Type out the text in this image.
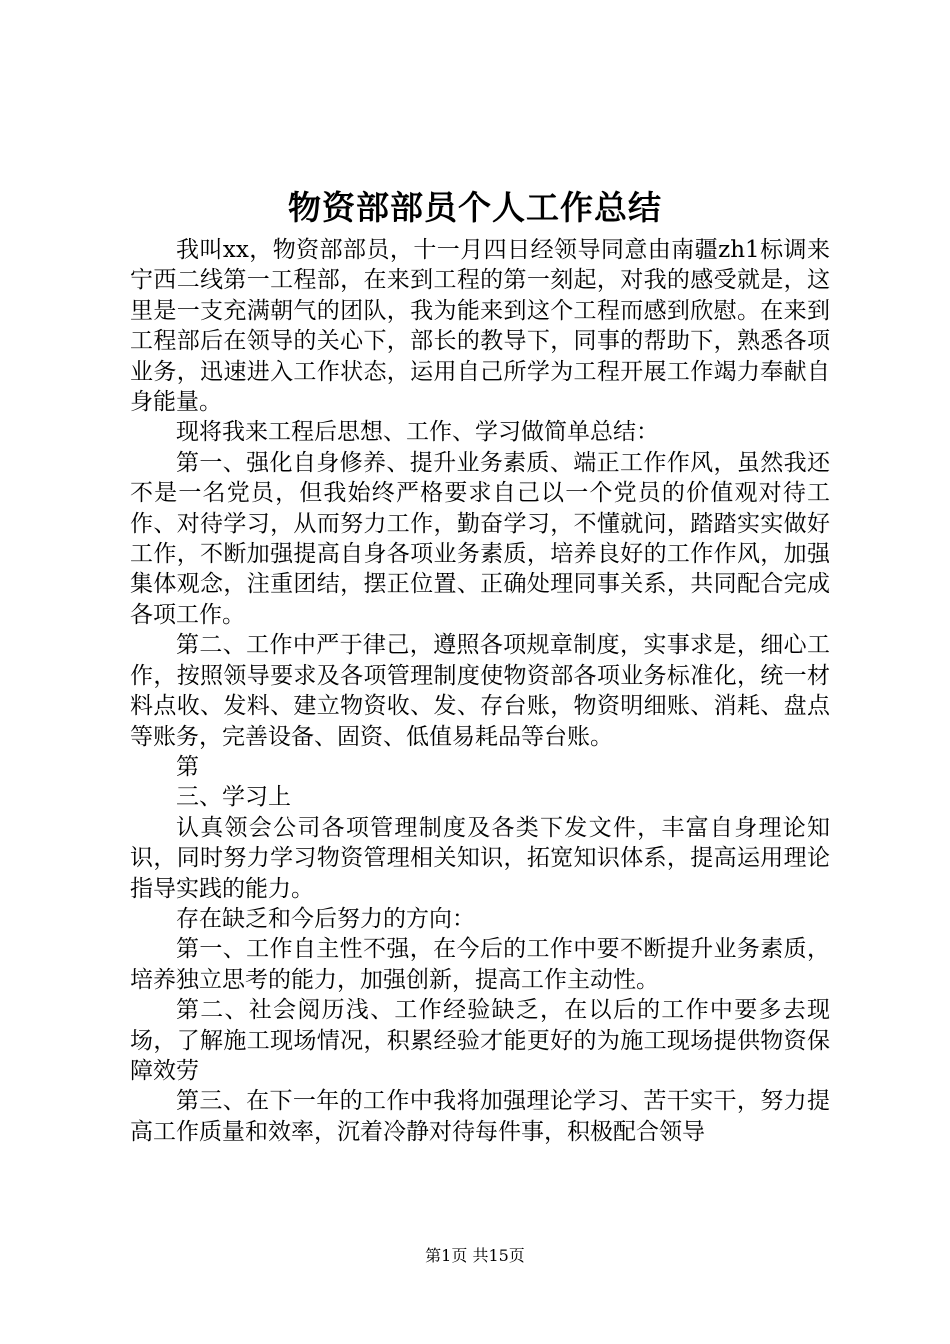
物资部部员个人工作总结

我叫xx，物资部部员，十一月四日经领导同意由南疆zh1标调来宁西二线第一工程部，在来到工程的第一刻起，对我的感受就是，这里是一支充满朝气的团队，我为能来到这个工程而感到欣慰。在来到工程部后在领导的关心下，部长的教导下，同事的帮助下，熟悉各项业务，迅速进入工作状态，运用自己所学为工程开展工作竭力奉献自身能量。

现将我来工程后思想、工作、学习做简单总结：

第一、强化自身修养、提升业务素质、端正工作作风，虽然我还不是一名党员，但我始终严格要求自己以一个党员的价值观对待工作、对待学习，从而努力工作，勤奋学习，不懂就问，踏踏实实做好工作，不断加强提高自身各项业务素质，培养良好的工作作风，加强集体观念，注重团结，摆正位置、正确处理同事关系，共同配合完成各项工作。

第二、工作中严于律己，遵照各项规章制度，实事求是，细心工作，按照领导要求及各项管理制度使物资部各项业务标准化，统一材料点收、发料、建立物资收、发、存台账，物资明细账、消耗、盘点等账务，完善设备、固资、低值易耗品等台账。

第

三、学习上

认真领会公司各项管理制度及各类下发文件，丰富自身理论知识，同时努力学习物资管理相关知识，拓宽知识体系，提高运用理论指导实践的能力。

存在缺乏和今后努力的方向：

第一、工作自主性不强，在今后的工作中要不断提升业务素质，培养独立思考的能力，加强创新，提高工作主动性。

第二、社会阅历浅、工作经验缺乏，在以后的工作中要多去现场，了解施工现场情况，积累经验才能更好的为施工现场提供物资保障效劳

第三、在下一年的工作中我将加强理论学习、苦干实干，努力提高工作质量和效率，沉着冷静对待每件事，积极配合领导

第1页 共15页
